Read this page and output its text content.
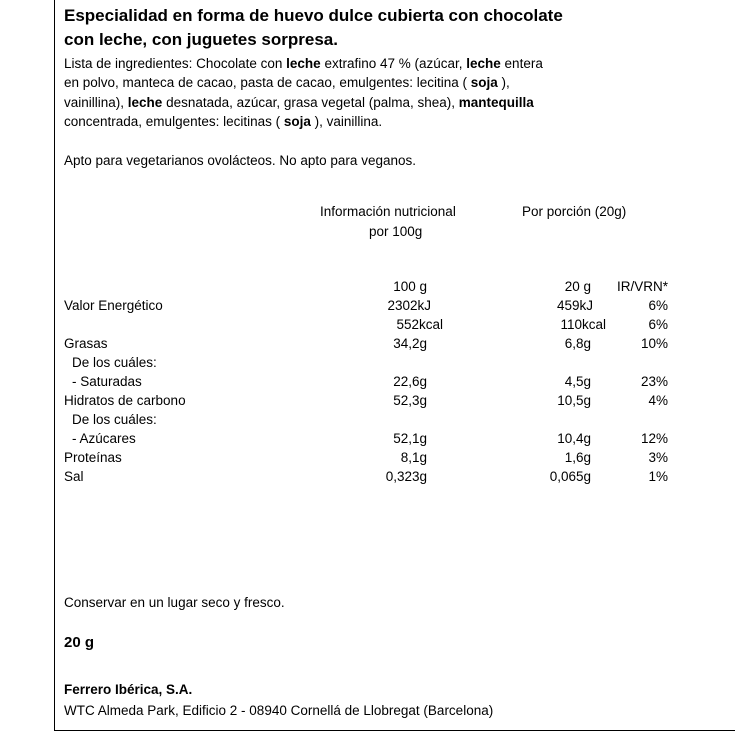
Especialidad en forma de huevo dulce cubierta con chocolate
con leche, con juguetes sorpresa.
Lista de ingredientes: Chocolate con leche extrafino 47 % (azúcar, leche entera
en polvo, manteca de cacao, pasta de cacao, emulgentes: lecitina ( soja ),
vainillina), leche desnatada, azúcar, grasa vegetal (palma, shea), mantequilla
concentrada, emulgentes: lecitinas ( soja ), vainillina.
Apto para vegetarianos ovolácteos. No apto para veganos.
Información nutricional
por 100g
Por porción (20g)
100 g	20 g	IR/VRN*
Valor Energético	2302kJ	459kJ	6%
552kcal	110kcal	6%
Grasas	34,2g	6,8g	10%
De los cuáles:
- Saturadas	22,6g	4,5g	23%
Hidratos de carbono	52,3g	10,5g	4%
De los cuáles:
- Azúcares	52,1g	10,4g	12%
Proteínas	8,1g	1,6g	3%
Sal	0,323g	0,065g	1%
Conservar en un lugar seco y fresco.
20 g
Ferrero Ibérica, S.A.
WTC Almeda Park, Edificio 2 - 08940 Cornellá de Llobregat (Barcelona)
